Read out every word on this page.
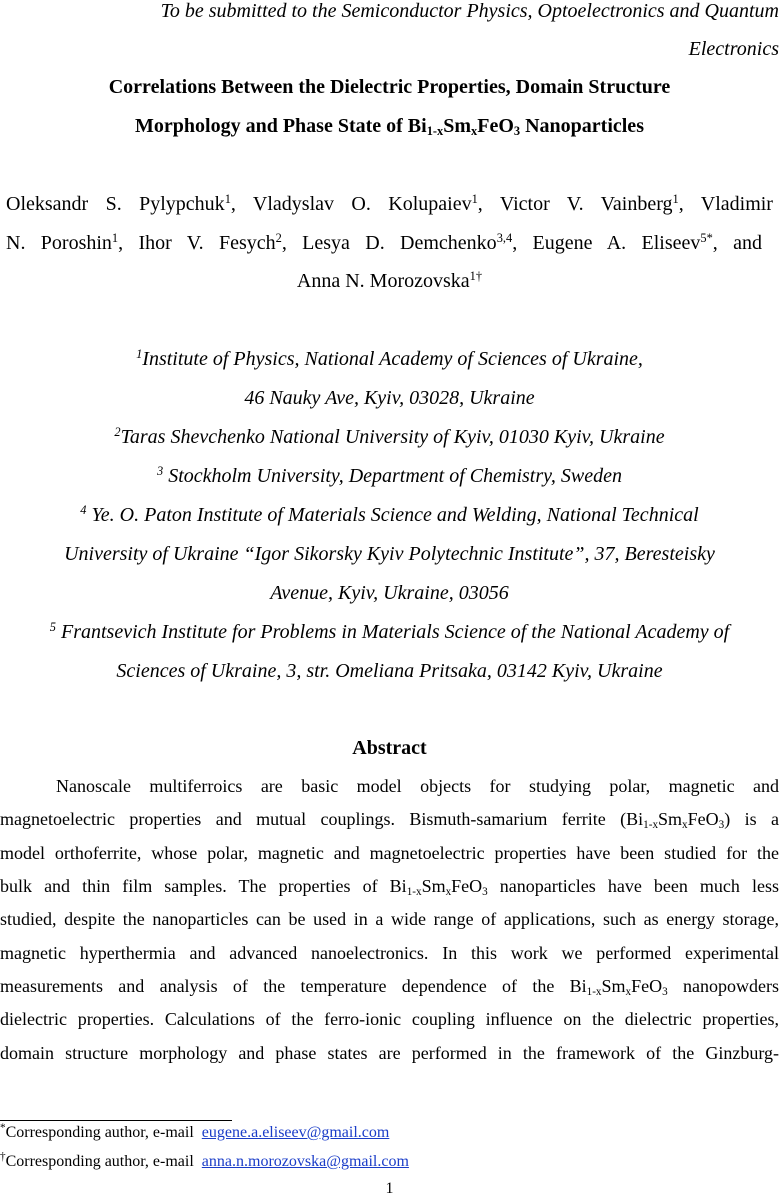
To be submitted to the Semiconductor Physics, Optoelectronics and Quantum
Electronics
Correlations Between the Dielectric Properties, Domain Structure
Morphology and Phase State of $Bi_{1-x}Sm_xFeO_3$ Nanoparticles
Oleksandr S. Pylypchuk$^1$, Vladyslav O. Kolupaiev$^1$, Victor V. Vainberg$^1$, Vladimir
N. Poroshin$^1$, Ihor V. Fesych$^2$, Lesya D. Demchenko$^{3,4}$, Eugene A. Eliseev$^{5*}$, and
Anna N. Morozovska$^{1\dagger}$
$^1$Institute of Physics, National Academy of Sciences of Ukraine,
46 Nauky Ave, Kyiv, 03028, Ukraine
$^2$Taras Shevchenko National University of Kyiv, 01030 Kyiv, Ukraine
$^3$ Stockholm University, Department of Chemistry, Sweden
$^4$ Ye. O. Paton Institute of Materials Science and Welding, National Technical
University of Ukraine “Igor Sikorsky Kyiv Polytechnic Institute”, 37, Beresteisky
Avenue, Kyiv, Ukraine, 03056
$^5$ Frantsevich Institute for Problems in Materials Science of the National Academy of
Sciences of Ukraine, 3, str. Omeliana Pritsaka, 03142 Kyiv, Ukraine
Abstract
Nanoscale multiferroics are basic model objects for studying polar, magnetic and
magnetoelectric properties and mutual couplings. Bismuth-samarium ferrite $(Bi_{1-x}Sm_xFeO_3)$ is a
model orthoferrite, whose polar, magnetic and magnetoelectric properties have been studied for the
bulk and thin film samples. The properties of $Bi_{1-x}Sm_xFeO_3$ nanoparticles have been much less
studied, despite the nanoparticles can be used in a wide range of applications, such as energy storage,
magnetic hyperthermia and advanced nanoelectronics. In this work we performed experimental
measurements and analysis of the temperature dependence of the $Bi_{1-x}Sm_xFeO_3$ nanopowders
dielectric properties. Calculations of the ferro-ionic coupling influence on the dielectric properties,
domain structure morphology and phase states are performed in the framework of the Ginzburg-
*Corresponding author, e-mail eugene.a.eliseev@gmail.com
†Corresponding author, e-mail anna.n.morozovska@gmail.com
1
